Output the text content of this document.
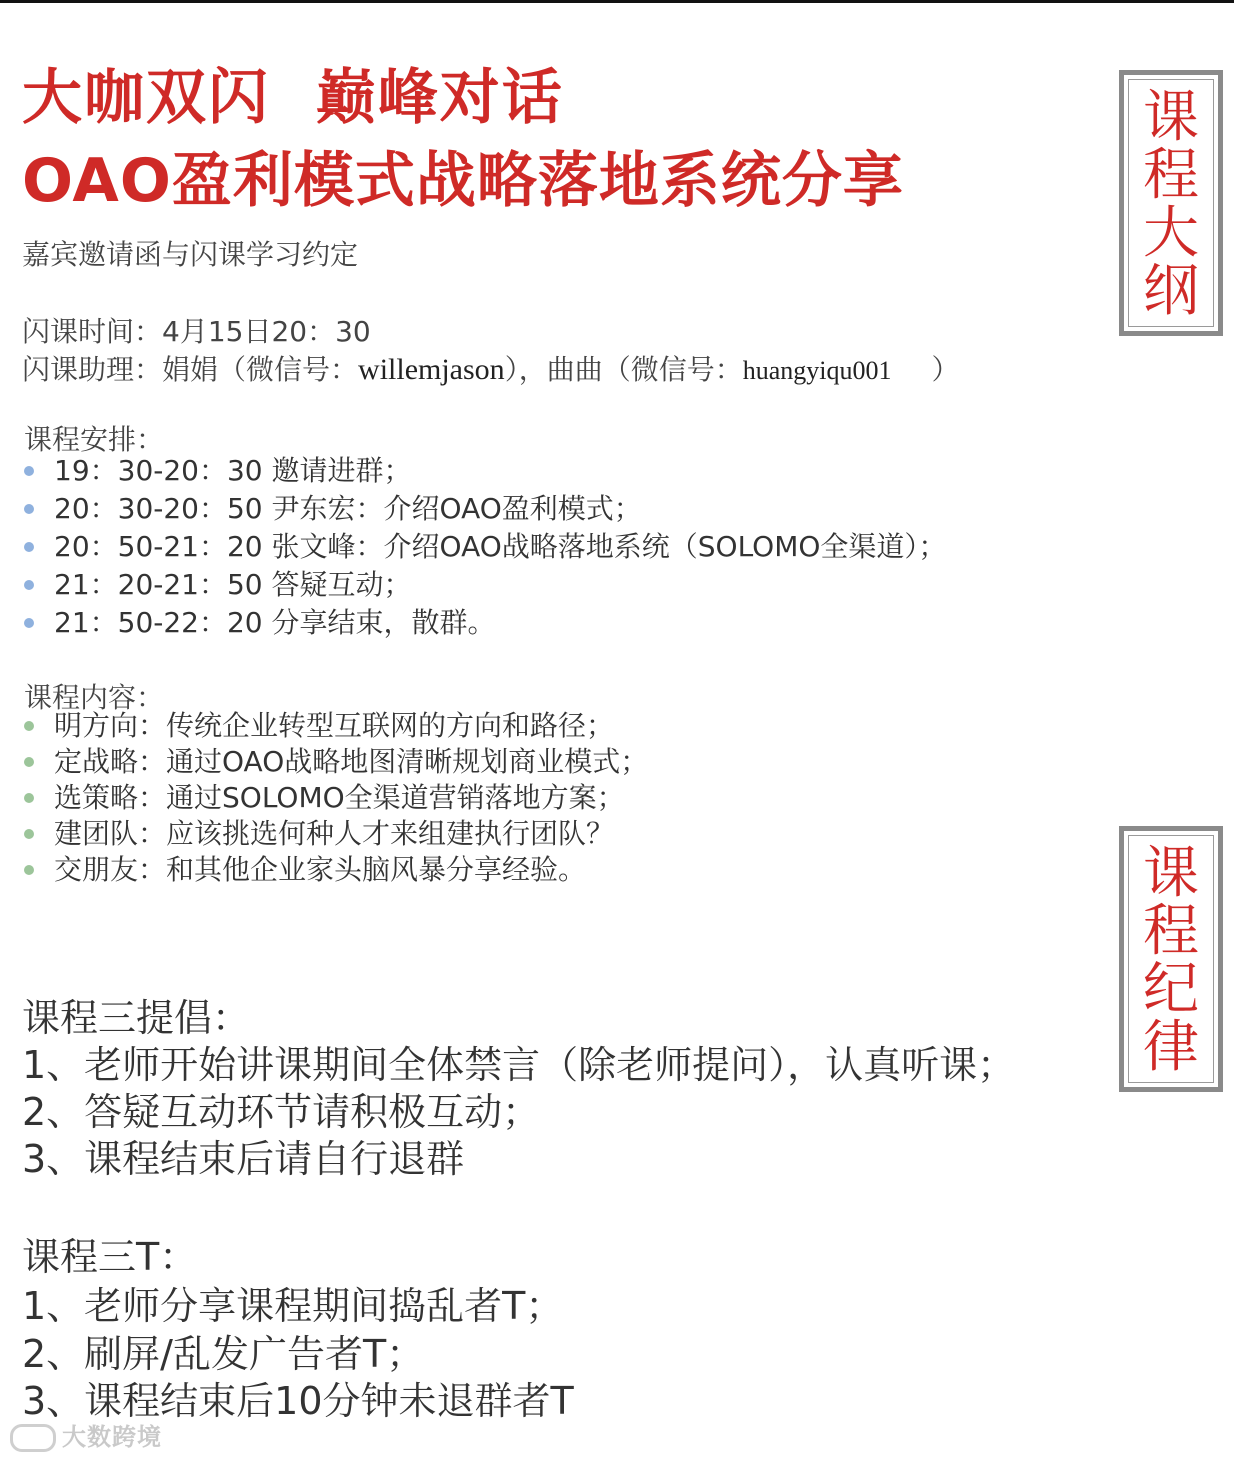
大咖双闪  巅峰对话
OAO盈利模式战略落地系统分享
嘉宾邀请函与闪课学习约定
闪课时间：4月15日20：30
闪课助理：娟娟（微信号：willemjason），曲曲（微信号：huangyiqu001 ）
课程安排：
19：30-20：30 邀请进群；
20：30-20：50 尹东宏：介绍OAO盈利模式；
20：50-21：20 张文峰：介绍OAO战略落地系统（SOLOMO全渠道）；
21：20-21：50 答疑互动；
21：50-22：20 分享结束，散群。
课程内容：
明方向：传统企业转型互联网的方向和路径；
定战略：通过OAO战略地图清晰规划商业模式；
选策略：通过SOLOMO全渠道营销落地方案；
建团队：应该挑选何种人才来组建执行团队？
交朋友：和其他企业家头脑风暴分享经验。
课程三提倡：
1、老师开始讲课期间全体禁言（除老师提问），认真听课；
2、答疑互动环节请积极互动；
3、课程结束后请自行退群
课程三T：
1、老师分享课程期间捣乱者T；
2、刷屏/乱发广告者T；
3、课程结束后10分钟未退群者T
课
程
大
纲
课
程
纪
律
大数跨境
